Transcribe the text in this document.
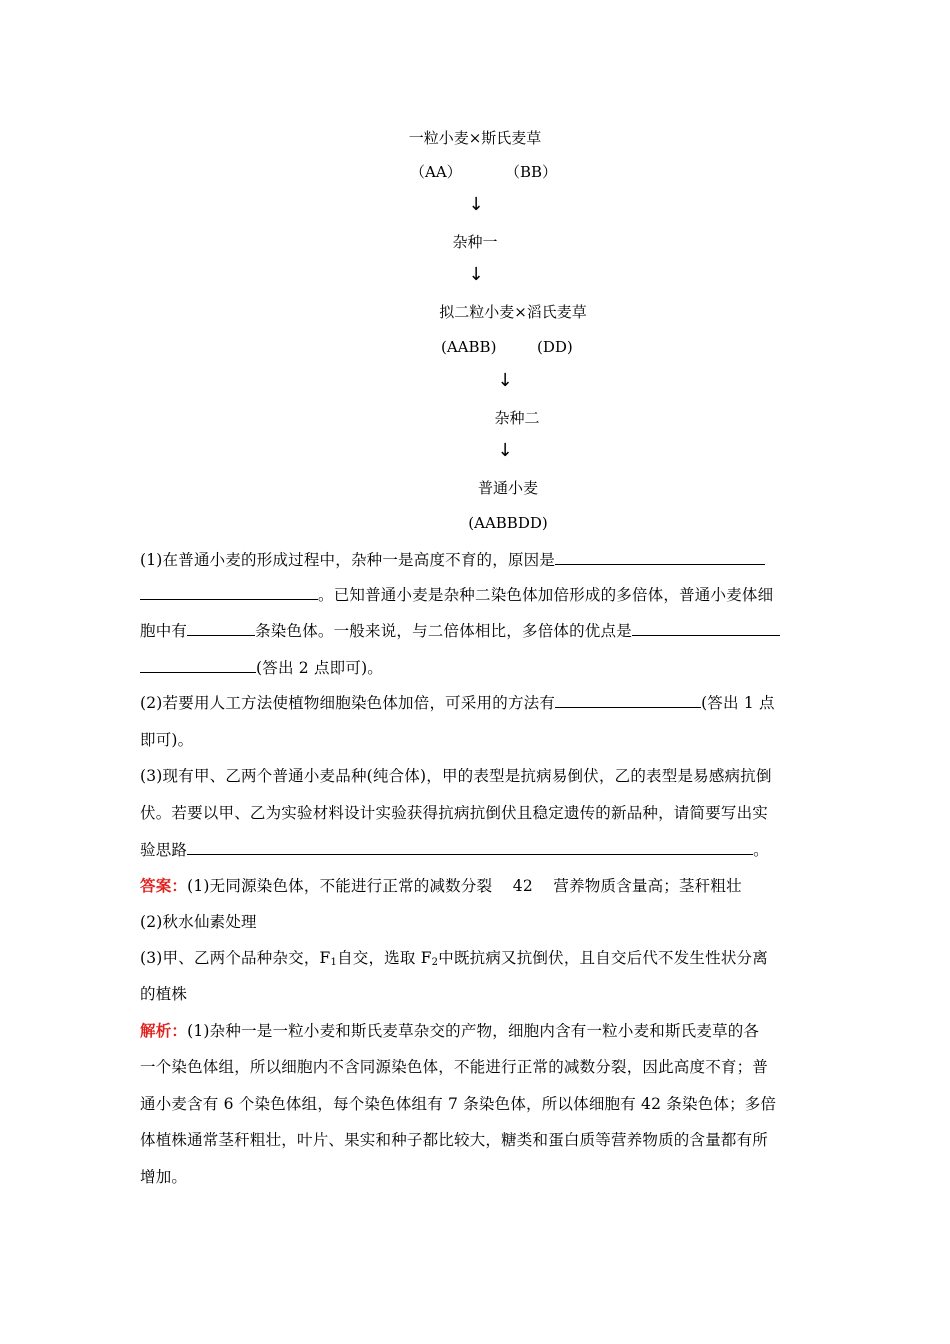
一粒小麦×斯氏麦草
（AA）	（BB）
↓
杂种一
↓
拟二粒小麦×滔氏麦草
(AABB)	(DD)
↓
杂种二
↓
普通小麦
(AABBDD)
(1)在普通小麦的形成过程中，杂种一是高度不育的，原因是
。已知普通小麦是杂种二染色体加倍形成的多倍体，普通小麦体细
胞中有	条染色体。一般来说，与二倍体相比，多倍体的优点是
(答出 2 点即可)。
(2)若要用人工方法使植物细胞染色体加倍，可采用的方法有	(答出 1 点
即可)。
(3)现有甲、乙两个普通小麦品种(纯合体)，甲的表型是抗病易倒伏，乙的表型是易感病抗倒
伏。若要以甲、乙为实验材料设计实验获得抗病抗倒伏且稳定遗传的新品种，请简要写出实
验思路	。
答案：(1)无同源染色体，不能进行正常的减数分裂    42    营养物质含量高；茎秆粗壮
(2)秋水仙素处理
(3)甲、乙两个品种杂交，$F_1$自交，选取 $F_2$中既抗病又抗倒伏，且自交后代不发生性状分离
的植株
解析：(1)杂种一是一粒小麦和斯氏麦草杂交的产物，细胞内含有一粒小麦和斯氏麦草的各
一个染色体组，所以细胞内不含同源染色体，不能进行正常的减数分裂，因此高度不育；普
通小麦含有 6 个染色体组，每个染色体组有 7 条染色体，所以体细胞有 42 条染色体；多倍
体植株通常茎秆粗壮，叶片、果实和种子都比较大，糖类和蛋白质等营养物质的含量都有所
增加。
